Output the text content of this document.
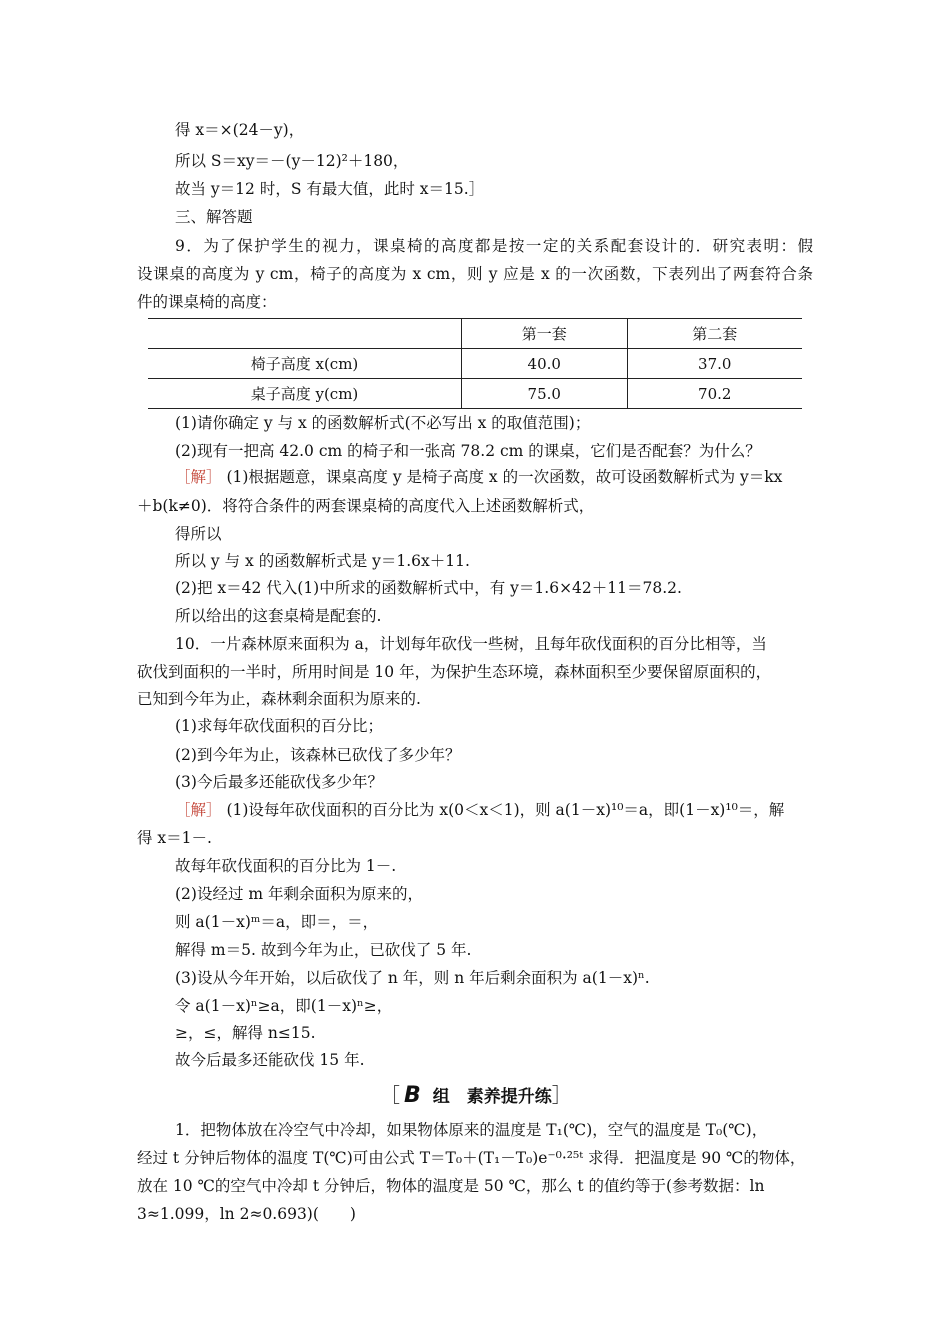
得 x＝×(24－y)，
所以 S＝xy＝－(y－12)²＋180，
故当 y＝12 时，S 有最大值，此时 x＝15.］
三、解答题
9．为了保护学生的视力，课桌椅的高度都是按一定的关系配套设计的．研究表明：假
设课桌的高度为 y cm，椅子的高度为 x cm，则 y 应是 x 的一次函数，下表列出了两套符合条
件的课桌椅的高度：
	第一套	第二套
椅子高度 x(cm)	40.0	37.0
桌子高度 y(cm)	75.0	70.2
(1)请你确定 y 与 x 的函数解析式(不必写出 x 的取值范围)；
(2)现有一把高 42.0 cm 的椅子和一张高 78.2 cm 的课桌，它们是否配套？为什么？
［解］ (1)根据题意，课桌高度 y 是椅子高度 x 的一次函数，故可设函数解析式为 y＝kx
＋b(k≠0)．将符合条件的两套课桌椅的高度代入上述函数解析式，
得所以
所以 y 与 x 的函数解析式是 y＝1.6x＋11.
(2)把 x＝42 代入(1)中所求的函数解析式中，有 y＝1.6×42＋11＝78.2.
所以给出的这套桌椅是配套的.
10．一片森林原来面积为 a，计划每年砍伐一些树，且每年砍伐面积的百分比相等，当
砍伐到面积的一半时，所用时间是 10 年，为保护生态环境，森林面积至少要保留原面积的，
已知到今年为止，森林剩余面积为原来的.
(1)求每年砍伐面积的百分比；
(2)到今年为止，该森林已砍伐了多少年？
(3)今后最多还能砍伐多少年？
［解］ (1)设每年砍伐面积的百分比为 x(0＜x＜1)，则 a(1－x)¹⁰＝a，即(1－x)¹⁰＝，解
得 x＝1－.
故每年砍伐面积的百分比为 1－.
(2)设经过 m 年剩余面积为原来的，
则 a(1－x)ᵐ＝a，即＝，＝，
解得 m＝5. 故到今年为止，已砍伐了 5 年.
(3)设从今年开始，以后砍伐了 n 年，则 n 年后剩余面积为 a(1－x)ⁿ.
令 a(1－x)ⁿ≥a，即(1－x)ⁿ≥，
≥，≤，解得 n≤15.
故今后最多还能砍伐 15 年.
［ B 组　素养提升练］
1．把物体放在冷空气中冷却，如果物体原来的温度是 T₁(℃)，空气的温度是 T₀(℃)，
经过 t 分钟后物体的温度 T(℃)可由公式 T＝T₀＋(T₁－T₀)e⁻⁰·²⁵ᵗ 求得．把温度是 90 ℃的物体，
放在 10 ℃的空气中冷却 t 分钟后，物体的温度是 50 ℃，那么 t 的值约等于(参考数据：ln
3≈1.099，ln 2≈0.693)(　　)
